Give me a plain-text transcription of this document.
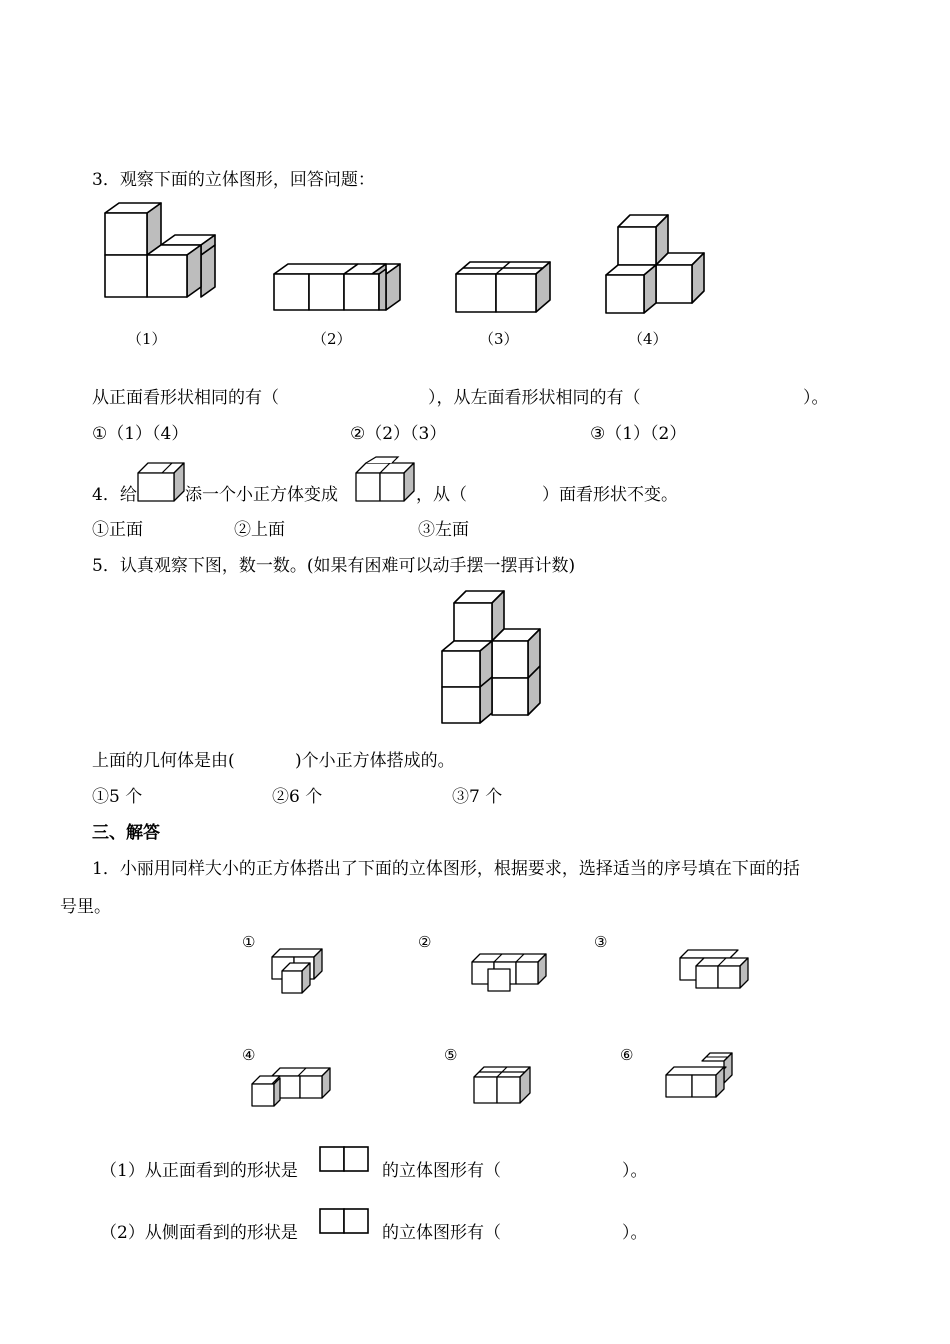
3．观察下面的立体图形，回答问题：
（1）	（2）	（3）	（4）
从正面看形状相同的有（	），从左面看形状相同的有（	）。
①（1）（4）	②（2）（3）	③（1）（2）
4．给	添一个小正方体变成	，从（	）面看形状不变。
①正面	②上面	③左面
5．认真观察下图，数一数。(如果有困难可以动手摆一摆再计数)
上面的几何体是由(	)个小正方体搭成的。
①5 个	②6 个	③7 个
三、解答
1．小丽用同样大小的正方体搭出了下面的立体图形，根据要求，选择适当的序号填在下面的括
号里。
①	②	③
④	⑤	⑥
（1）从正面看到的形状是	的立体图形有（	）。
（2）从侧面看到的形状是	的立体图形有（	）。
